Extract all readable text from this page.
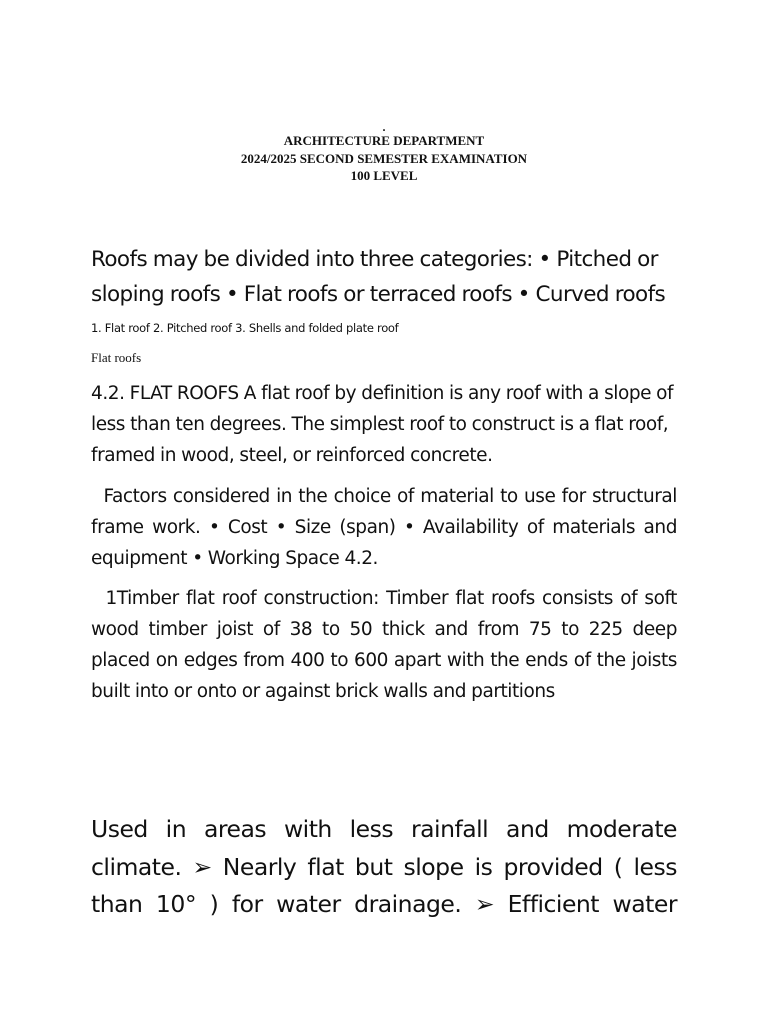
.
ARCHITECTURE DEPARTMENT
2024/2025 SECOND SEMESTER EXAMINATION
100 LEVEL

Roofs may be divided into three categories: • Pitched or sloping roofs • Flat roofs or terraced roofs • Curved roofs

1. Flat roof 2. Pitched roof 3. Shells and folded plate roof

Flat roofs

4.2. FLAT ROOFS A flat roof by definition is any roof with a slope of less than ten degrees. The simplest roof to construct is a flat roof, framed in wood, steel, or reinforced concrete.

Factors considered in the choice of material to use for structural frame work. • Cost • Size (span) • Availability of materials and equipment • Working Space 4.2.

1Timber flat roof construction: Timber flat roofs consists of soft wood timber joist of 38 to 50 thick and from 75 to 225 deep placed on edges from 400 to 600 apart with the ends of the joists built into or onto or against brick walls and partitions

Used in areas with less rainfall and moderate climate. ➢ Nearly flat but slope is provided ( less than 10° ) for water drainage. ➢ Efficient water
